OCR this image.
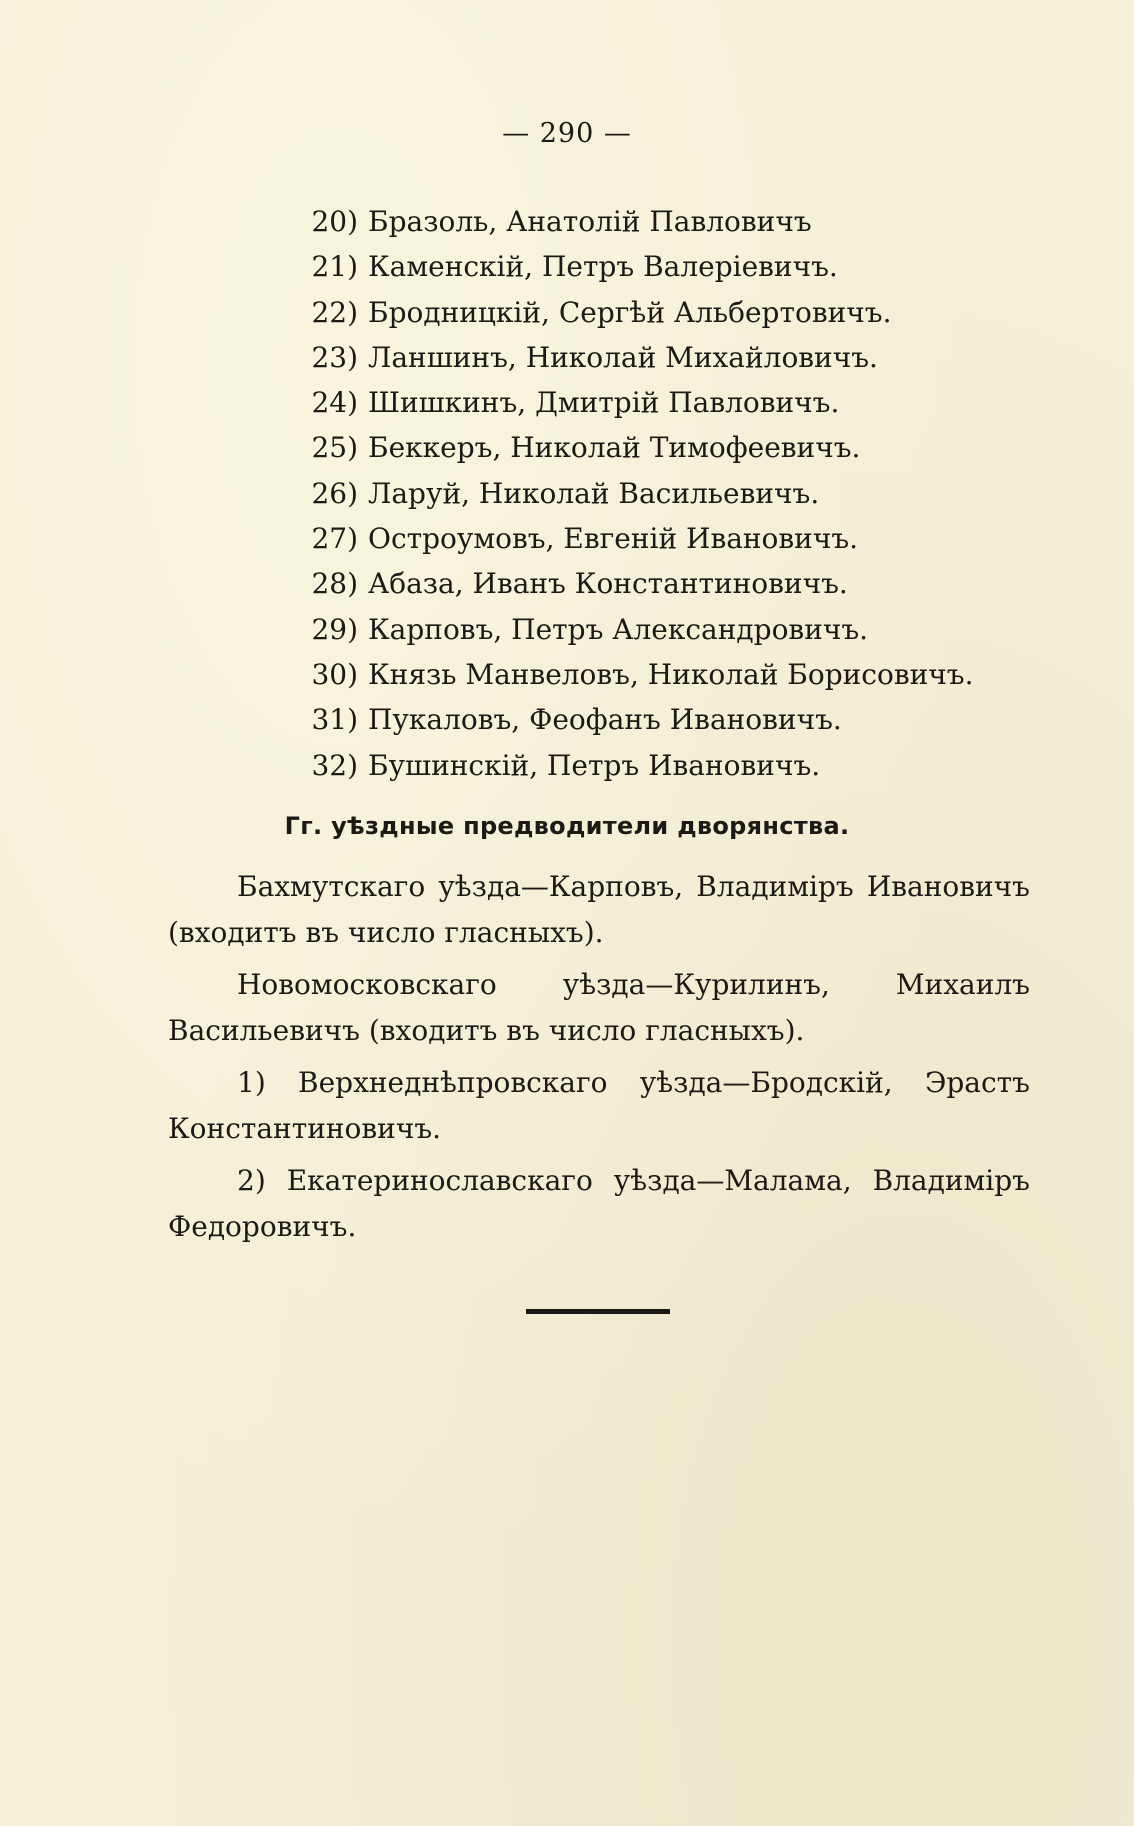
— 290 —
20) Бразоль, Анатолій Павловичъ
21) Каменскій, Петръ Валеріевичъ.
22) Бродницкій, Сергѣй Альбертовичъ.
23) Ланшинъ, Николай Михайловичъ.
24) Шишкинъ, Дмитрій Павловичъ.
25) Беккеръ, Николай Тимофеевичъ.
26) Ларуй, Николай Васильевичъ.
27) Остроумовъ, Евгеній Ивановичъ.
28) Абаза, Иванъ Константиновичъ.
29) Карповъ, Петръ Александровичъ.
30) Князь Манвеловъ, Николай Борисовичъ.
31) Пукаловъ, Феофанъ Ивановичъ.
32) Бушинскій, Петръ Ивановичъ.
Гг. уѣздные предводители дворянства.

Бахмутскаго уѣзда—Карповъ, Владиміръ Ивановичъ (входитъ въ число гласныхъ).

Новомосковскаго уѣзда—Курилинъ, Михаилъ Васильевичъ (входитъ въ число гласныхъ).

1) Верхнеднѣпровскаго уѣзда—Бродскій, Эрастъ Константиновичъ.

2) Екатеринославскаго уѣзда—Малама, Владиміръ Федоровичъ.
